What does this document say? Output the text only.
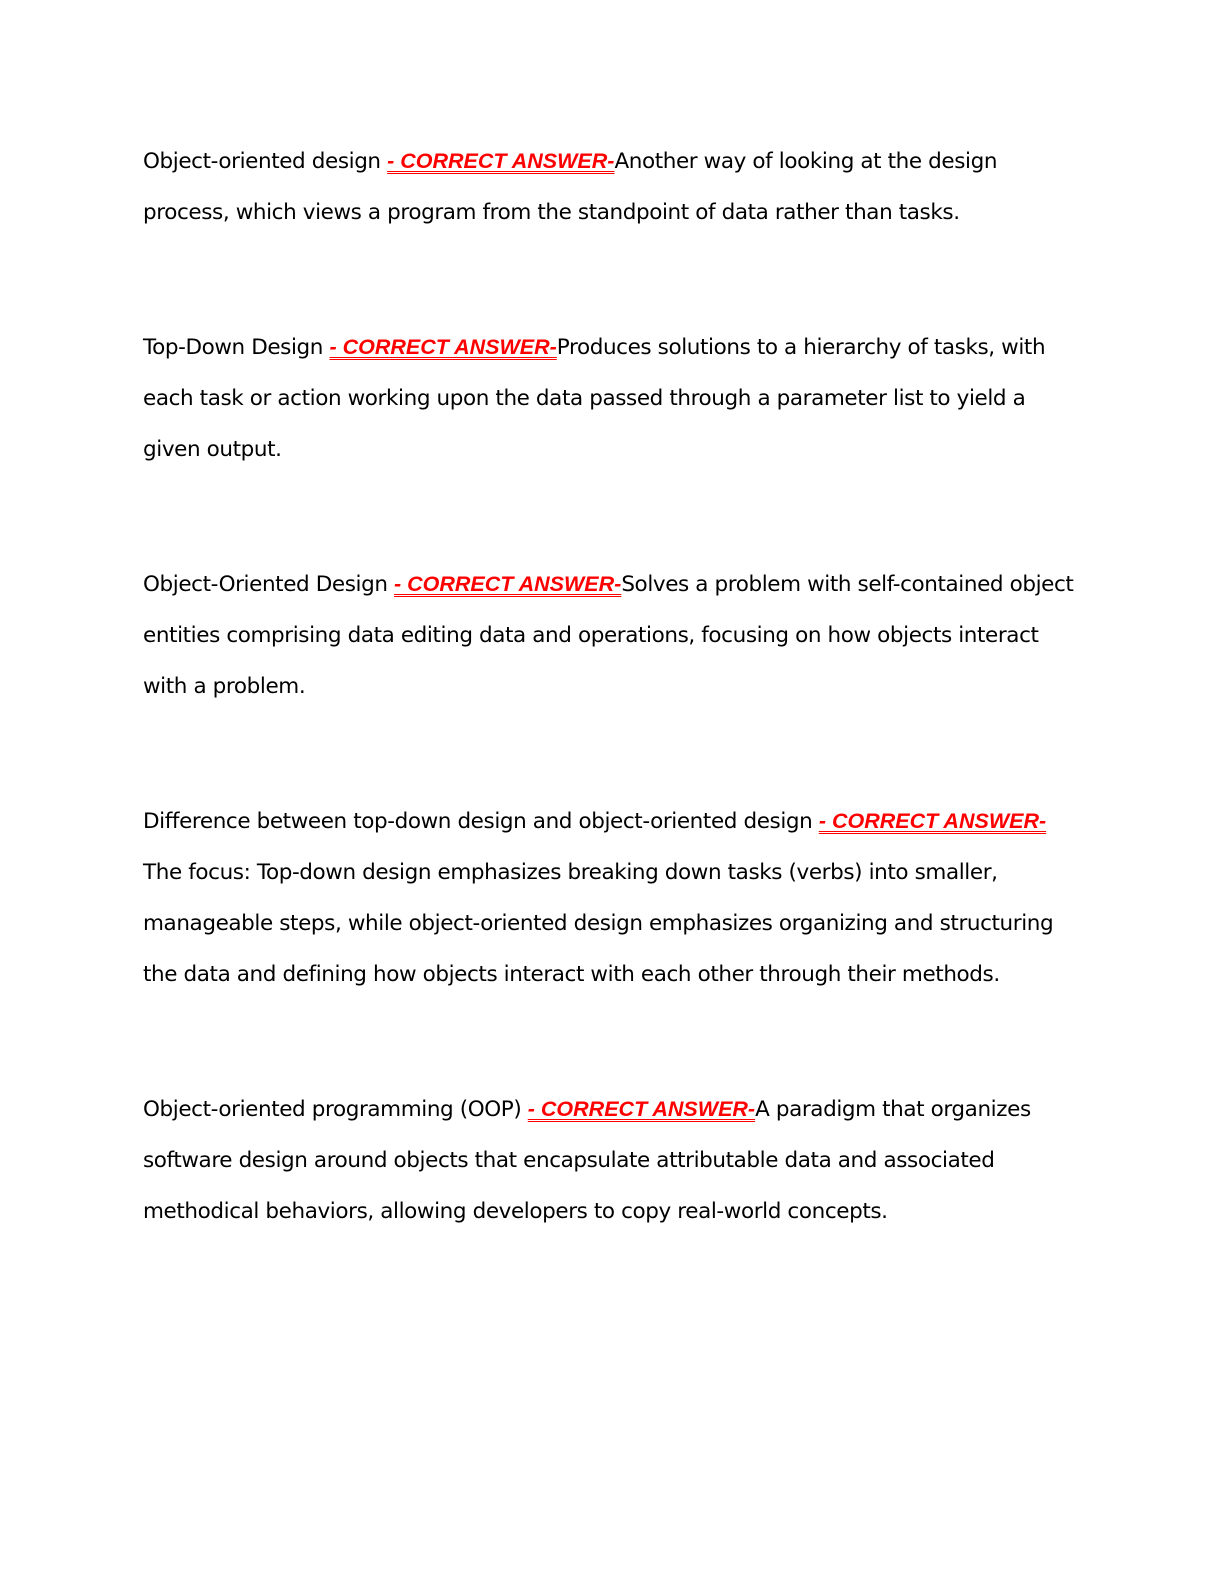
Object-oriented design - CORRECT ANSWER-Another way of looking at the design process, which views a program from the standpoint of data rather than tasks.

Top-Down Design - CORRECT ANSWER-Produces solutions to a hierarchy of tasks, with each task or action working upon the data passed through a parameter list to yield a given output.

Object-Oriented Design - CORRECT ANSWER-Solves a problem with self-contained object entities comprising data editing data and operations, focusing on how objects interact with a problem.

Difference between top-down design and object-oriented design - CORRECT ANSWER-The focus: Top-down design emphasizes breaking down tasks (verbs) into smaller, manageable steps, while object-oriented design emphasizes organizing and structuring the data and defining how objects interact with each other through their methods.

Object-oriented programming (OOP) - CORRECT ANSWER-A paradigm that organizes software design around objects that encapsulate attributable data and associated methodical behaviors, allowing developers to copy real-world concepts.
